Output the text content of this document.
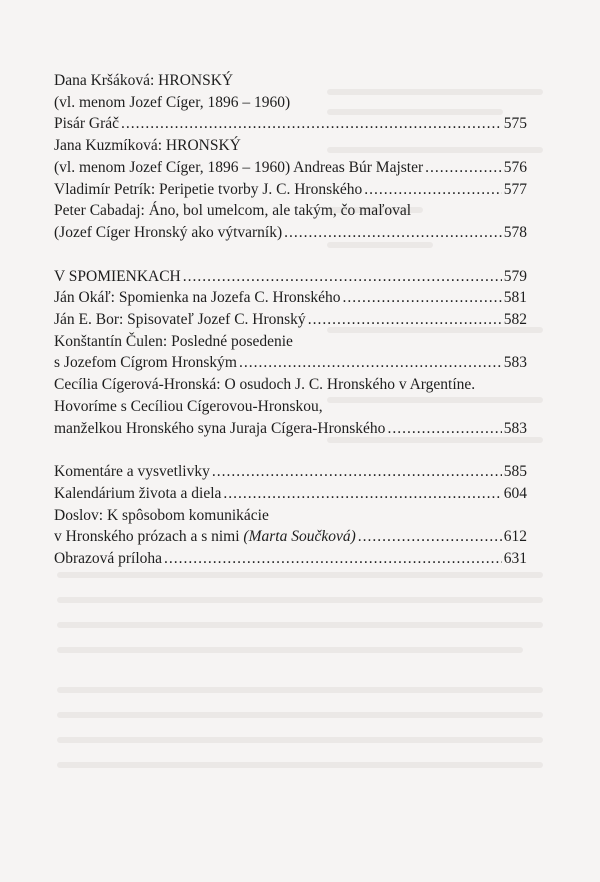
Dana Kršáková: HRONSKÝ
(vl. menom Jozef Cíger, 1896 – 1960)
Pisár Gráč .....	575
Jana Kuzmíková: HRONSKÝ
(vl. menom Jozef Cíger, 1896 – 1960) Andreas Búr Majster .....	576
Vladimír Petrík: Peripetie tvorby J. C. Hronského .....	577
Peter Cabadaj: Áno, bol umelcom, ale takým, čo maľoval
(Jozef Cíger Hronský ako výtvarník) .....	578
V SPOMIENKACH .....	579
Ján Okáľ: Spomienka na Jozefa C. Hronského .....	581
Ján E. Bor: Spisovateľ Jozef C. Hronský .....	582
Konštantín Čulen: Posledné posedenie
s Jozefom Cígrom Hronským .....	583
Cecília Cígerová-Hronská: O osudoch J. C. Hronského v Argentíne.
Hovoríme s Cecíliou Cígerovou-Hronskou,
manželkou Hronského syna Juraja Cígera-Hronského .....	583
Komentáre a vysvetlivky .....	585
Kalendárium života a diela .....	604
Doslov: K spôsobom komunikácie
v Hronského prózach a s nimi (Marta Součková) .....	612
Obrazová príloha .....	631
